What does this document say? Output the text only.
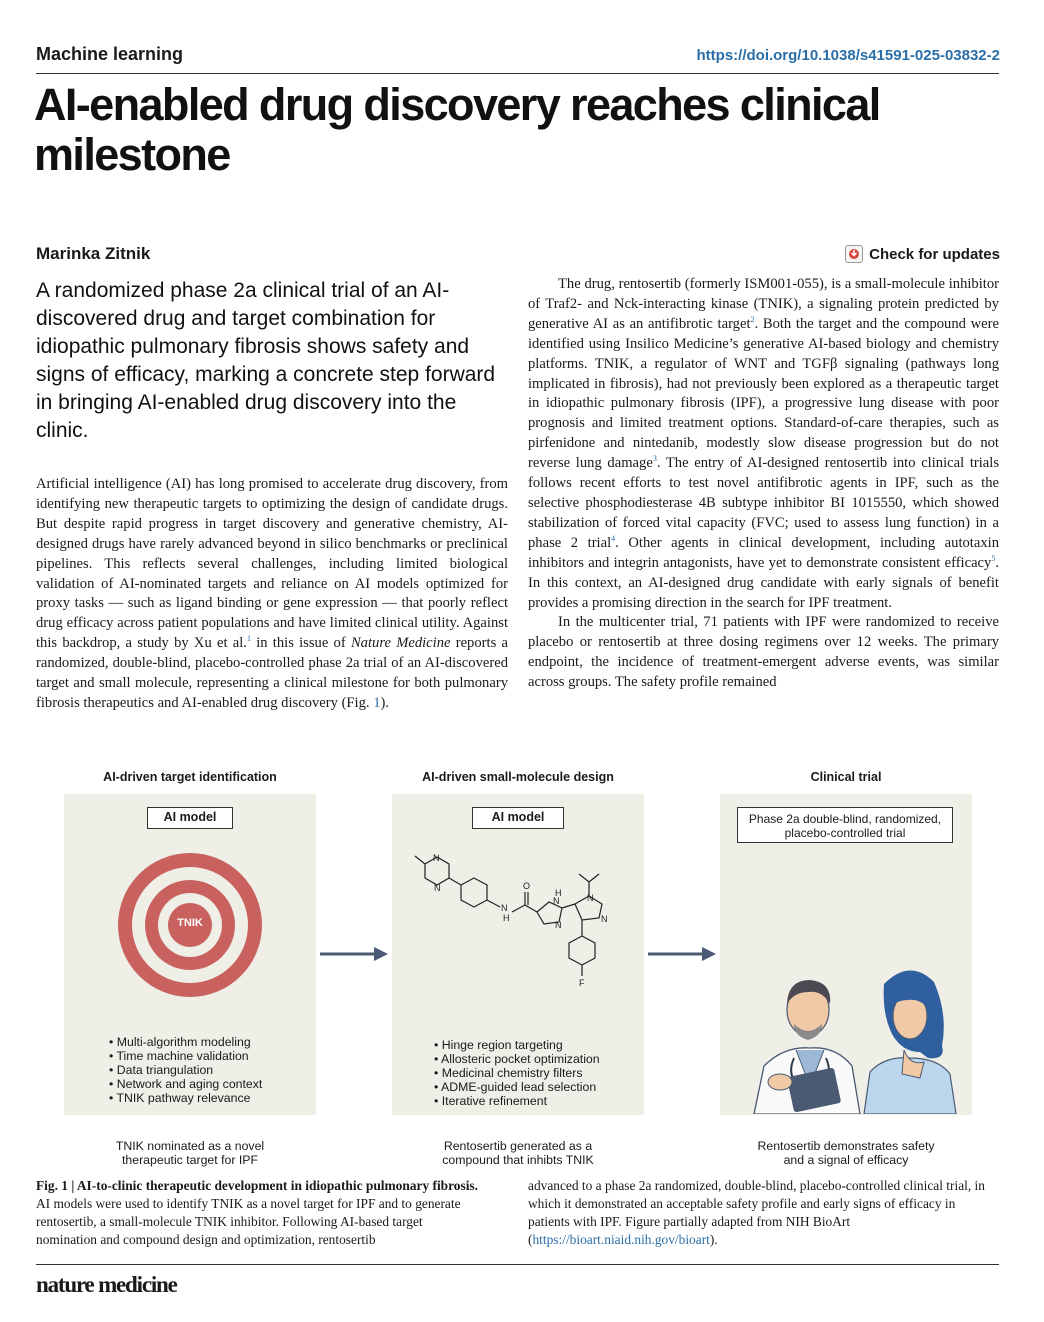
Machine learning	https://doi.org/10.1038/s41591-025-03832-2
AI-enabled drug discovery reaches clinical milestone
Marinka Zitnik	Check for updates

A randomized phase 2a clinical trial of an AI-discovered drug and target combination for idiopathic pulmonary fibrosis shows safety and signs of efficacy, marking a concrete step forward in bringing AI-enabled drug discovery into the clinic.

Artificial intelligence (AI) has long promised to accelerate drug discovery, from identifying new therapeutic targets to optimizing the design of candidate drugs. But despite rapid progress in target discovery and generative chemistry, AI-designed drugs have rarely advanced beyond in silico benchmarks or preclinical pipelines. This reflects several challenges, including limited biological validation of AI-nominated targets and reliance on AI models optimized for proxy tasks — such as ligand binding or gene expression — that poorly reflect drug efficacy across patient populations and have limited clinical utility. Against this backdrop, a study by Xu et al.$^1$ in this issue of Nature Medicine reports a randomized, double-blind, placebo-controlled phase 2a trial of an AI-discovered target and small molecule, representing a clinical milestone for both pulmonary fibrosis therapeutics and AI-enabled drug discovery (Fig. 1).

The drug, rentosertib (formerly ISM001-055), is a small-molecule inhibitor of Traf2- and Nck-interacting kinase (TNIK), a signaling protein predicted by generative AI as an antifibrotic target$^2$. Both the target and the compound were identified using Insilico Medicine’s generative AI-based biology and chemistry platforms. TNIK, a regulator of WNT and TGFβ signaling (pathways long implicated in fibrosis), had not previously been explored as a therapeutic target in idiopathic pulmonary fibrosis (IPF), a progressive lung disease with poor prognosis and limited treatment options. Standard-of-care therapies, such as pirfenidone and nintedanib, modestly slow disease progression but do not reverse lung damage$^3$. The entry of AI-designed rentosertib into clinical trials follows recent efforts to test novel antifibrotic agents in IPF, such as the selective phosphodiesterase 4B subtype inhibitor BI 1015550, which showed stabilization of forced vital capacity (FVC; used to assess lung function) in a phase 2 trial$^4$. Other agents in clinical development, including autotaxin inhibitors and integrin antagonists, have yet to demonstrate consistent efficacy$^5$. In this context, an AI-designed drug candidate with early signals of benefit provides a promising direction in the search for IPF treatment.

In the multicenter trial, 71 patients with IPF were randomized to receive placebo or rentosertib at three dosing regimens over 12 weeks. The primary endpoint, the incidence of treatment-emergent adverse events, was similar across groups. The safety profile remained

AI-driven target identification
AI model
TNIK
• Multi-algorithm modeling
• Time machine validation
• Data triangulation
• Network and aging context
• TNIK pathway relevance
TNIK nominated as a novel
therapeutic target for IPF
AI-driven small-molecule design
AI model
N
N
N
H
O
N
H
N
N
N
F
• Hinge region targeting
• Allosteric pocket optimization
• Medicinal chemistry filters
• ADME-guided lead selection
• Iterative refinement
Rentosertib generated as a
compound that inhibts TNIK
Clinical trial
Phase 2a double-blind, randomized,
placebo-controlled trial
Rentosertib demonstrates safety
and a signal of efficacy

Fig. 1 | AI-to-clinic therapeutic development in idiopathic pulmonary fibrosis. AI models were used to identify TNIK as a novel target for IPF and to generate rentosertib, a small-molecule TNIK inhibitor. Following AI-based target nomination and compound design and optimization, rentosertib

advanced to a phase 2a randomized, double-blind, placebo-controlled clinical trial, in which it demonstrated an acceptable safety profile and early signs of efficacy in patients with IPF. Figure partially adapted from NIH BioArt (https://bioart.niaid.nih.gov/bioart).

nature medicine
